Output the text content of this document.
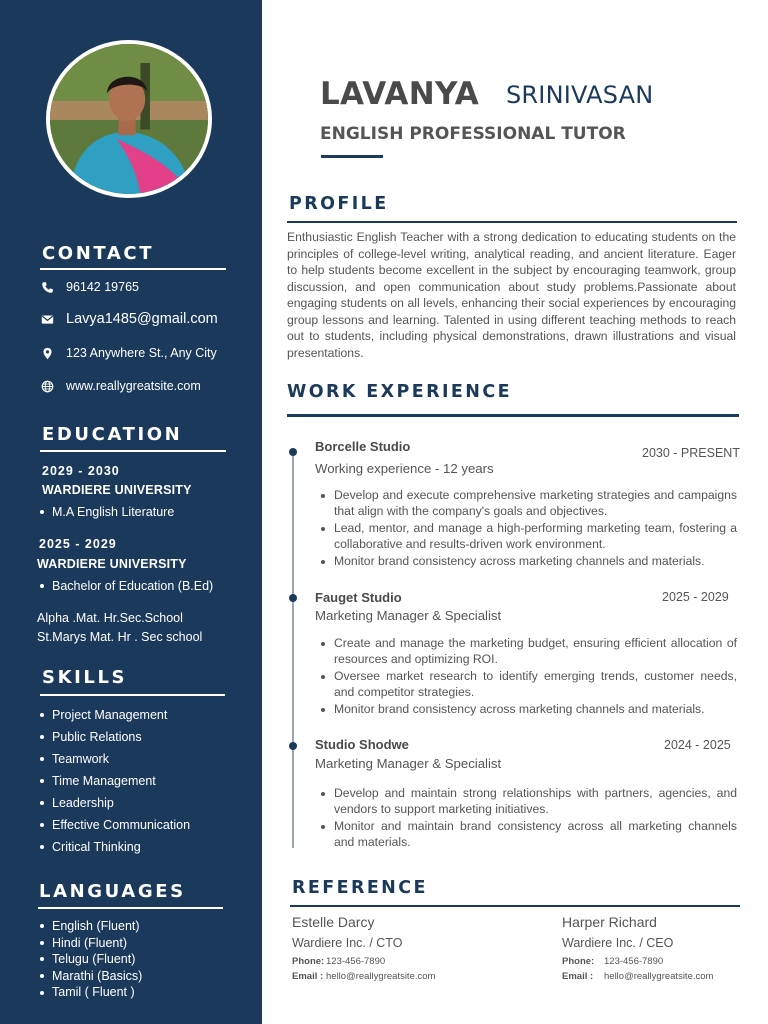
CONTACT
96142 19765
Lavya1485@gmail.com
123 Anywhere St., Any City
www.reallygreatsite.com
EDUCATION
2029 - 2030
WARDIERE UNIVERSITY
M.A English Literature
2025 - 2029
WARDIERE UNIVERSITY
Bachelor of Education (B.Ed)
Alpha .Mat. Hr.Sec.School
St.Marys Mat. Hr . Sec school
SKILLS
Project Management
Public Relations
Teamwork
Time Management
Leadership
Effective Communication
Critical Thinking
LANGUAGES
English (Fluent)
Hindi (Fluent)
Telugu (Fluent)
Marathi (Basics)
Tamil ( Fluent )
LAVANYA SRINIVASAN
ENGLISH PROFESSIONAL TUTOR
PROFILE
Enthusiastic English Teacher with a strong dedication to educating students on the principles of college-level writing, analytical reading, and ancient literature. Eager to help students become excellent in the subject by encouraging teamwork, group discussion, and open communication about study problems.Passionate about engaging students on all levels, enhancing their social experiences by encouraging group lessons and learning. Talented in using different teaching methods to reach out to students, including physical demonstrations, drawn illustrations and visual presentations.
WORK EXPERIENCE
Borcelle Studio	2030 - PRESENT
Working experience - 12 years
Develop and execute comprehensive marketing strategies and campaigns that align with the company's goals and objectives.
Lead, mentor, and manage a high-performing marketing team, fostering a collaborative and results-driven work environment.
Monitor brand consistency across marketing channels and materials.
Fauget Studio	2025 - 2029
Marketing Manager & Specialist
Create and manage the marketing budget, ensuring efficient allocation of resources and optimizing ROI.
Oversee market research to identify emerging trends, customer needs, and competitor strategies.
Monitor brand consistency across marketing channels and materials.
Studio Shodwe	2024 - 2025
Marketing Manager & Specialist
Develop and maintain strong relationships with partners, agencies, and vendors to support marketing initiatives.
Monitor and maintain brand consistency across all marketing channels and materials.
REFERENCE
Estelle Darcy
Wardiere Inc. / CTO
Phone: 123-456-7890
Email : hello@reallygreatsite.com
Harper Richard
Wardiere Inc. / CEO
Phone: 123-456-7890
Email : hello@reallygreatsite.com
